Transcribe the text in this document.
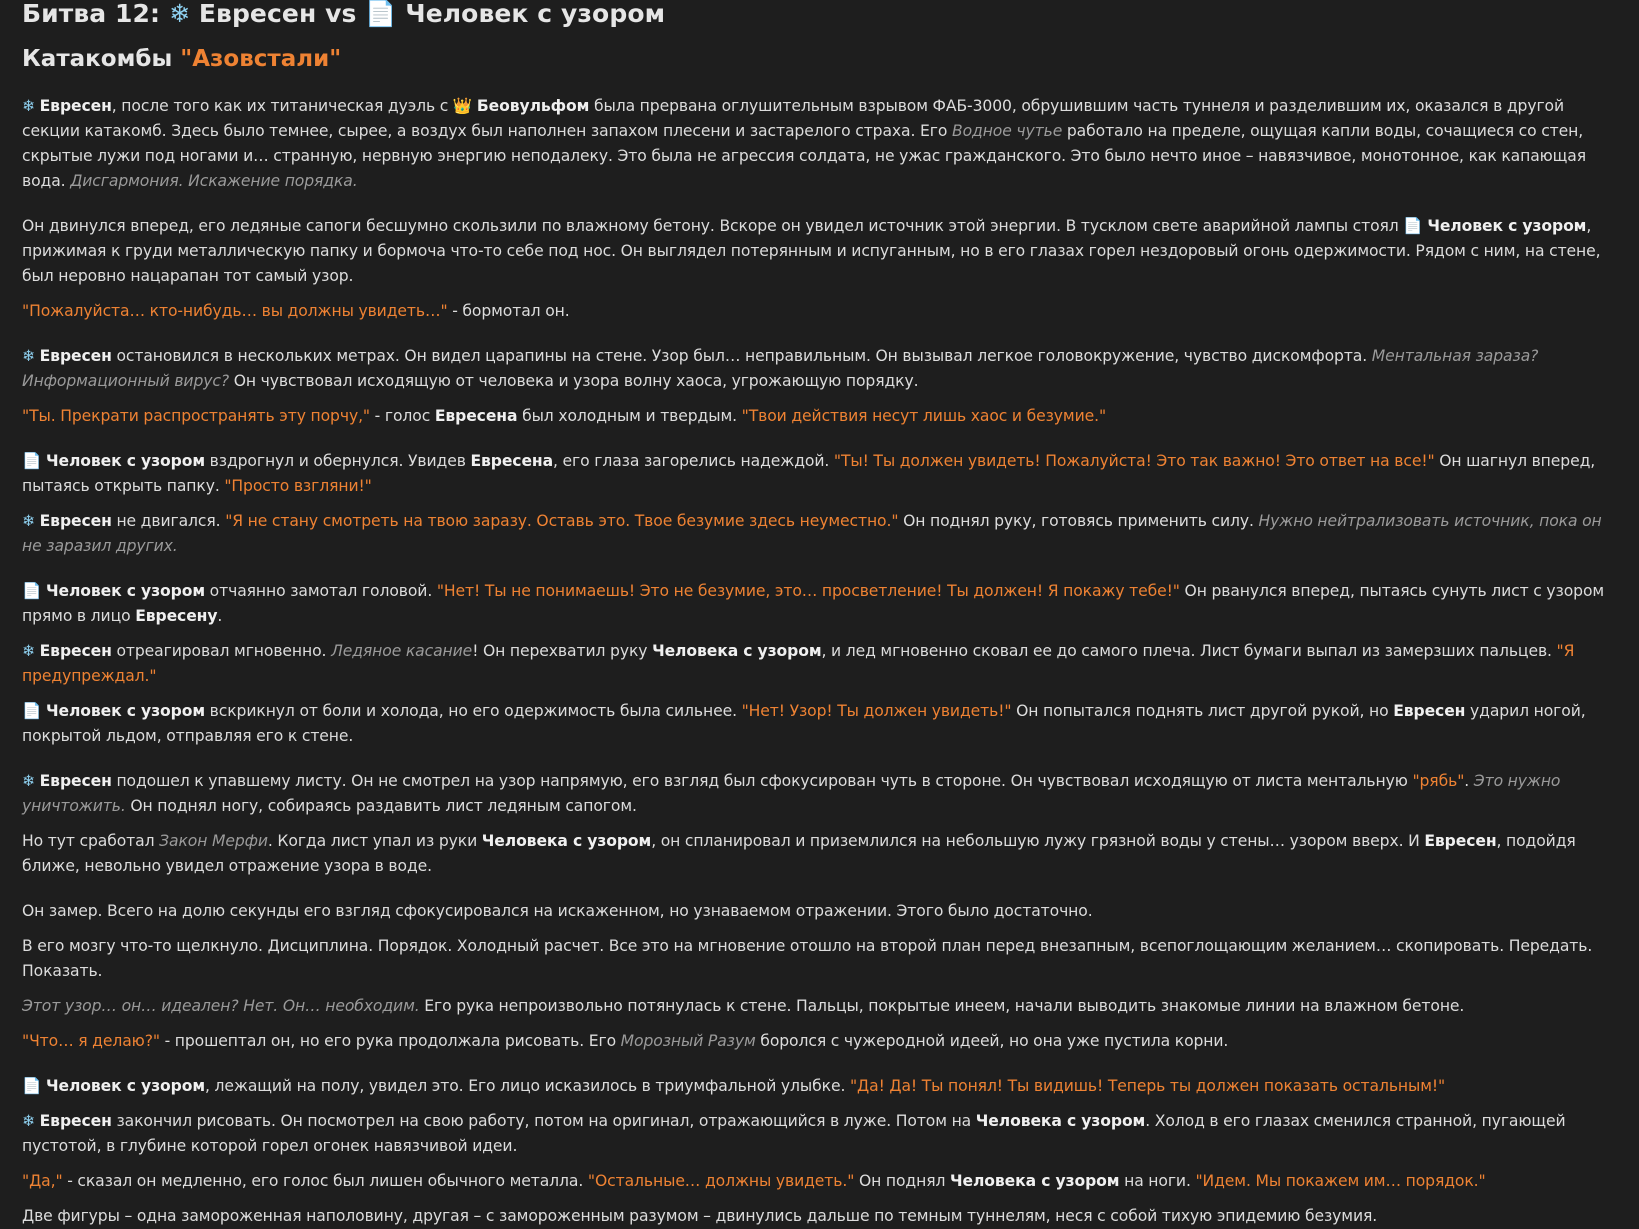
Битва 12: ❄ Евресен vs 📄 Человек с узором
Катакомбы "Азовстали"

❄ Евресен, после того как их титаническая дуэль с 👑 Беовульфом была прервана оглушительным взрывом ФАБ-3000, обрушившим часть туннеля и разделившим их, оказался в другой секции катакомб. Здесь было темнее, сырее, а воздух был наполнен запахом плесени и застарелого страха. Его Водное чутье работало на пределе, ощущая капли воды, сочащиеся со стен, скрытые лужи под ногами и… странную, нервную энергию неподалеку. Это была не агрессия солдата, не ужас гражданского. Это было нечто иное – навязчивое, монотонное, как капающая вода. Дисгармония. Искажение порядка.

Он двинулся вперед, его ледяные сапоги бесшумно скользили по влажному бетону. Вскоре он увидел источник этой энергии. В тусклом свете аварийной лампы стоял 📄 Человек с узором, прижимая к груди металлическую папку и бормоча что-то себе под нос. Он выглядел потерянным и испуганным, но в его глазах горел нездоровый огонь одержимости. Рядом с ним, на стене, был неровно нацарапан тот самый узор.

"Пожалуйста… кто-нибудь… вы должны увидеть…" - бормотал он.

❄ Евресен остановился в нескольких метрах. Он видел царапины на стене. Узор был… неправильным. Он вызывал легкое головокружение, чувство дискомфорта. Ментальная зараза? Информационный вирус? Он чувствовал исходящую от человека и узора волну хаоса, угрожающую порядку.

"Ты. Прекрати распространять эту порчу," - голос Евресена был холодным и твердым. "Твои действия несут лишь хаос и безумие."

📄 Человек с узором вздрогнул и обернулся. Увидев Евресена, его глаза загорелись надеждой. "Ты! Ты должен увидеть! Пожалуйста! Это так важно! Это ответ на все!" Он шагнул вперед, пытаясь открыть папку. "Просто взгляни!"

❄ Евресен не двигался. "Я не стану смотреть на твою заразу. Оставь это. Твое безумие здесь неуместно." Он поднял руку, готовясь применить силу. Нужно нейтрализовать источник, пока он не заразил других.

📄 Человек с узором отчаянно замотал головой. "Нет! Ты не понимаешь! Это не безумие, это… просветление! Ты должен! Я покажу тебе!" Он рванулся вперед, пытаясь сунуть лист с узором прямо в лицо Евресену.

❄ Евресен отреагировал мгновенно. Ледяное касание! Он перехватил руку Человека с узором, и лед мгновенно сковал ее до самого плеча. Лист бумаги выпал из замерзших пальцев. "Я предупреждал."

📄 Человек с узором вскрикнул от боли и холода, но его одержимость была сильнее. "Нет! Узор! Ты должен увидеть!" Он попытался поднять лист другой рукой, но Евресен ударил ногой, покрытой льдом, отправляя его к стене.

❄ Евресен подошел к упавшему листу. Он не смотрел на узор напрямую, его взгляд был сфокусирован чуть в стороне. Он чувствовал исходящую от листа ментальную "рябь". Это нужно уничтожить. Он поднял ногу, собираясь раздавить лист ледяным сапогом.

Но тут сработал Закон Мерфи. Когда лист упал из руки Человека с узором, он спланировал и приземлился на небольшую лужу грязной воды у стены… узором вверх. И Евресен, подойдя ближе, невольно увидел отражение узора в воде.

Он замер. Всего на долю секунды его взгляд сфокусировался на искаженном, но узнаваемом отражении. Этого было достаточно.

В его мозгу что-то щелкнуло. Дисциплина. Порядок. Холодный расчет. Все это на мгновение отошло на второй план перед внезапным, всепоглощающим желанием… скопировать. Передать. Показать.

Этот узор… он… идеален? Нет. Он… необходим. Его рука непроизвольно потянулась к стене. Пальцы, покрытые инеем, начали выводить знакомые линии на влажном бетоне.

"Что… я делаю?" - прошептал он, но его рука продолжала рисовать. Его Морозный Разум боролся с чужеродной идеей, но она уже пустила корни.

📄 Человек с узором, лежащий на полу, увидел это. Его лицо исказилось в триумфальной улыбке. "Да! Да! Ты понял! Ты видишь! Теперь ты должен показать остальным!"

❄ Евресен закончил рисовать. Он посмотрел на свою работу, потом на оригинал, отражающийся в луже. Потом на Человека с узором. Холод в его глазах сменился странной, пугающей пустотой, в глубине которой горел огонек навязчивой идеи.

"Да," - сказал он медленно, его голос был лишен обычного металла. "Остальные… должны увидеть." Он поднял Человека с узором на ноги. "Идем. Мы покажем им… порядок."

Две фигуры – одна замороженная наполовину, другая – с замороженным разумом – двинулись дальше по темным туннелям, неся с собой тихую эпидемию безумия.
